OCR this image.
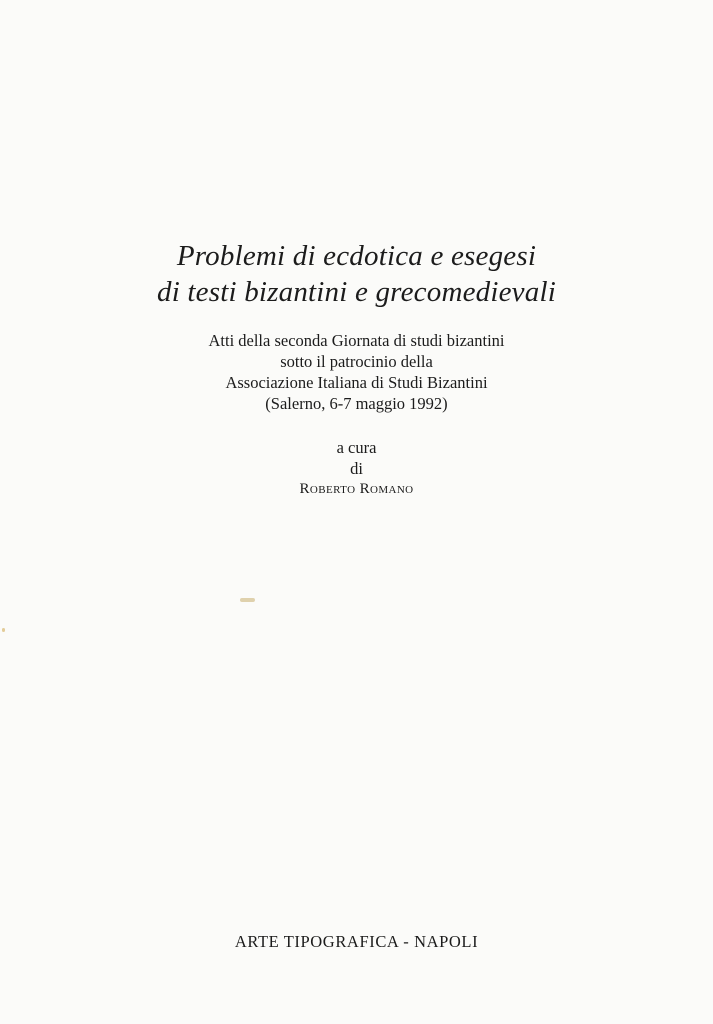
Problemi di ecdotica e esegesi
di testi bizantini e grecomedievali
Atti della seconda Giornata di studi bizantini
sotto il patrocinio della
Associazione Italiana di Studi Bizantini
(Salerno, 6-7 maggio 1992)
a cura
di
Roberto Romano
ARTE TIPOGRAFICA - NAPOLI
